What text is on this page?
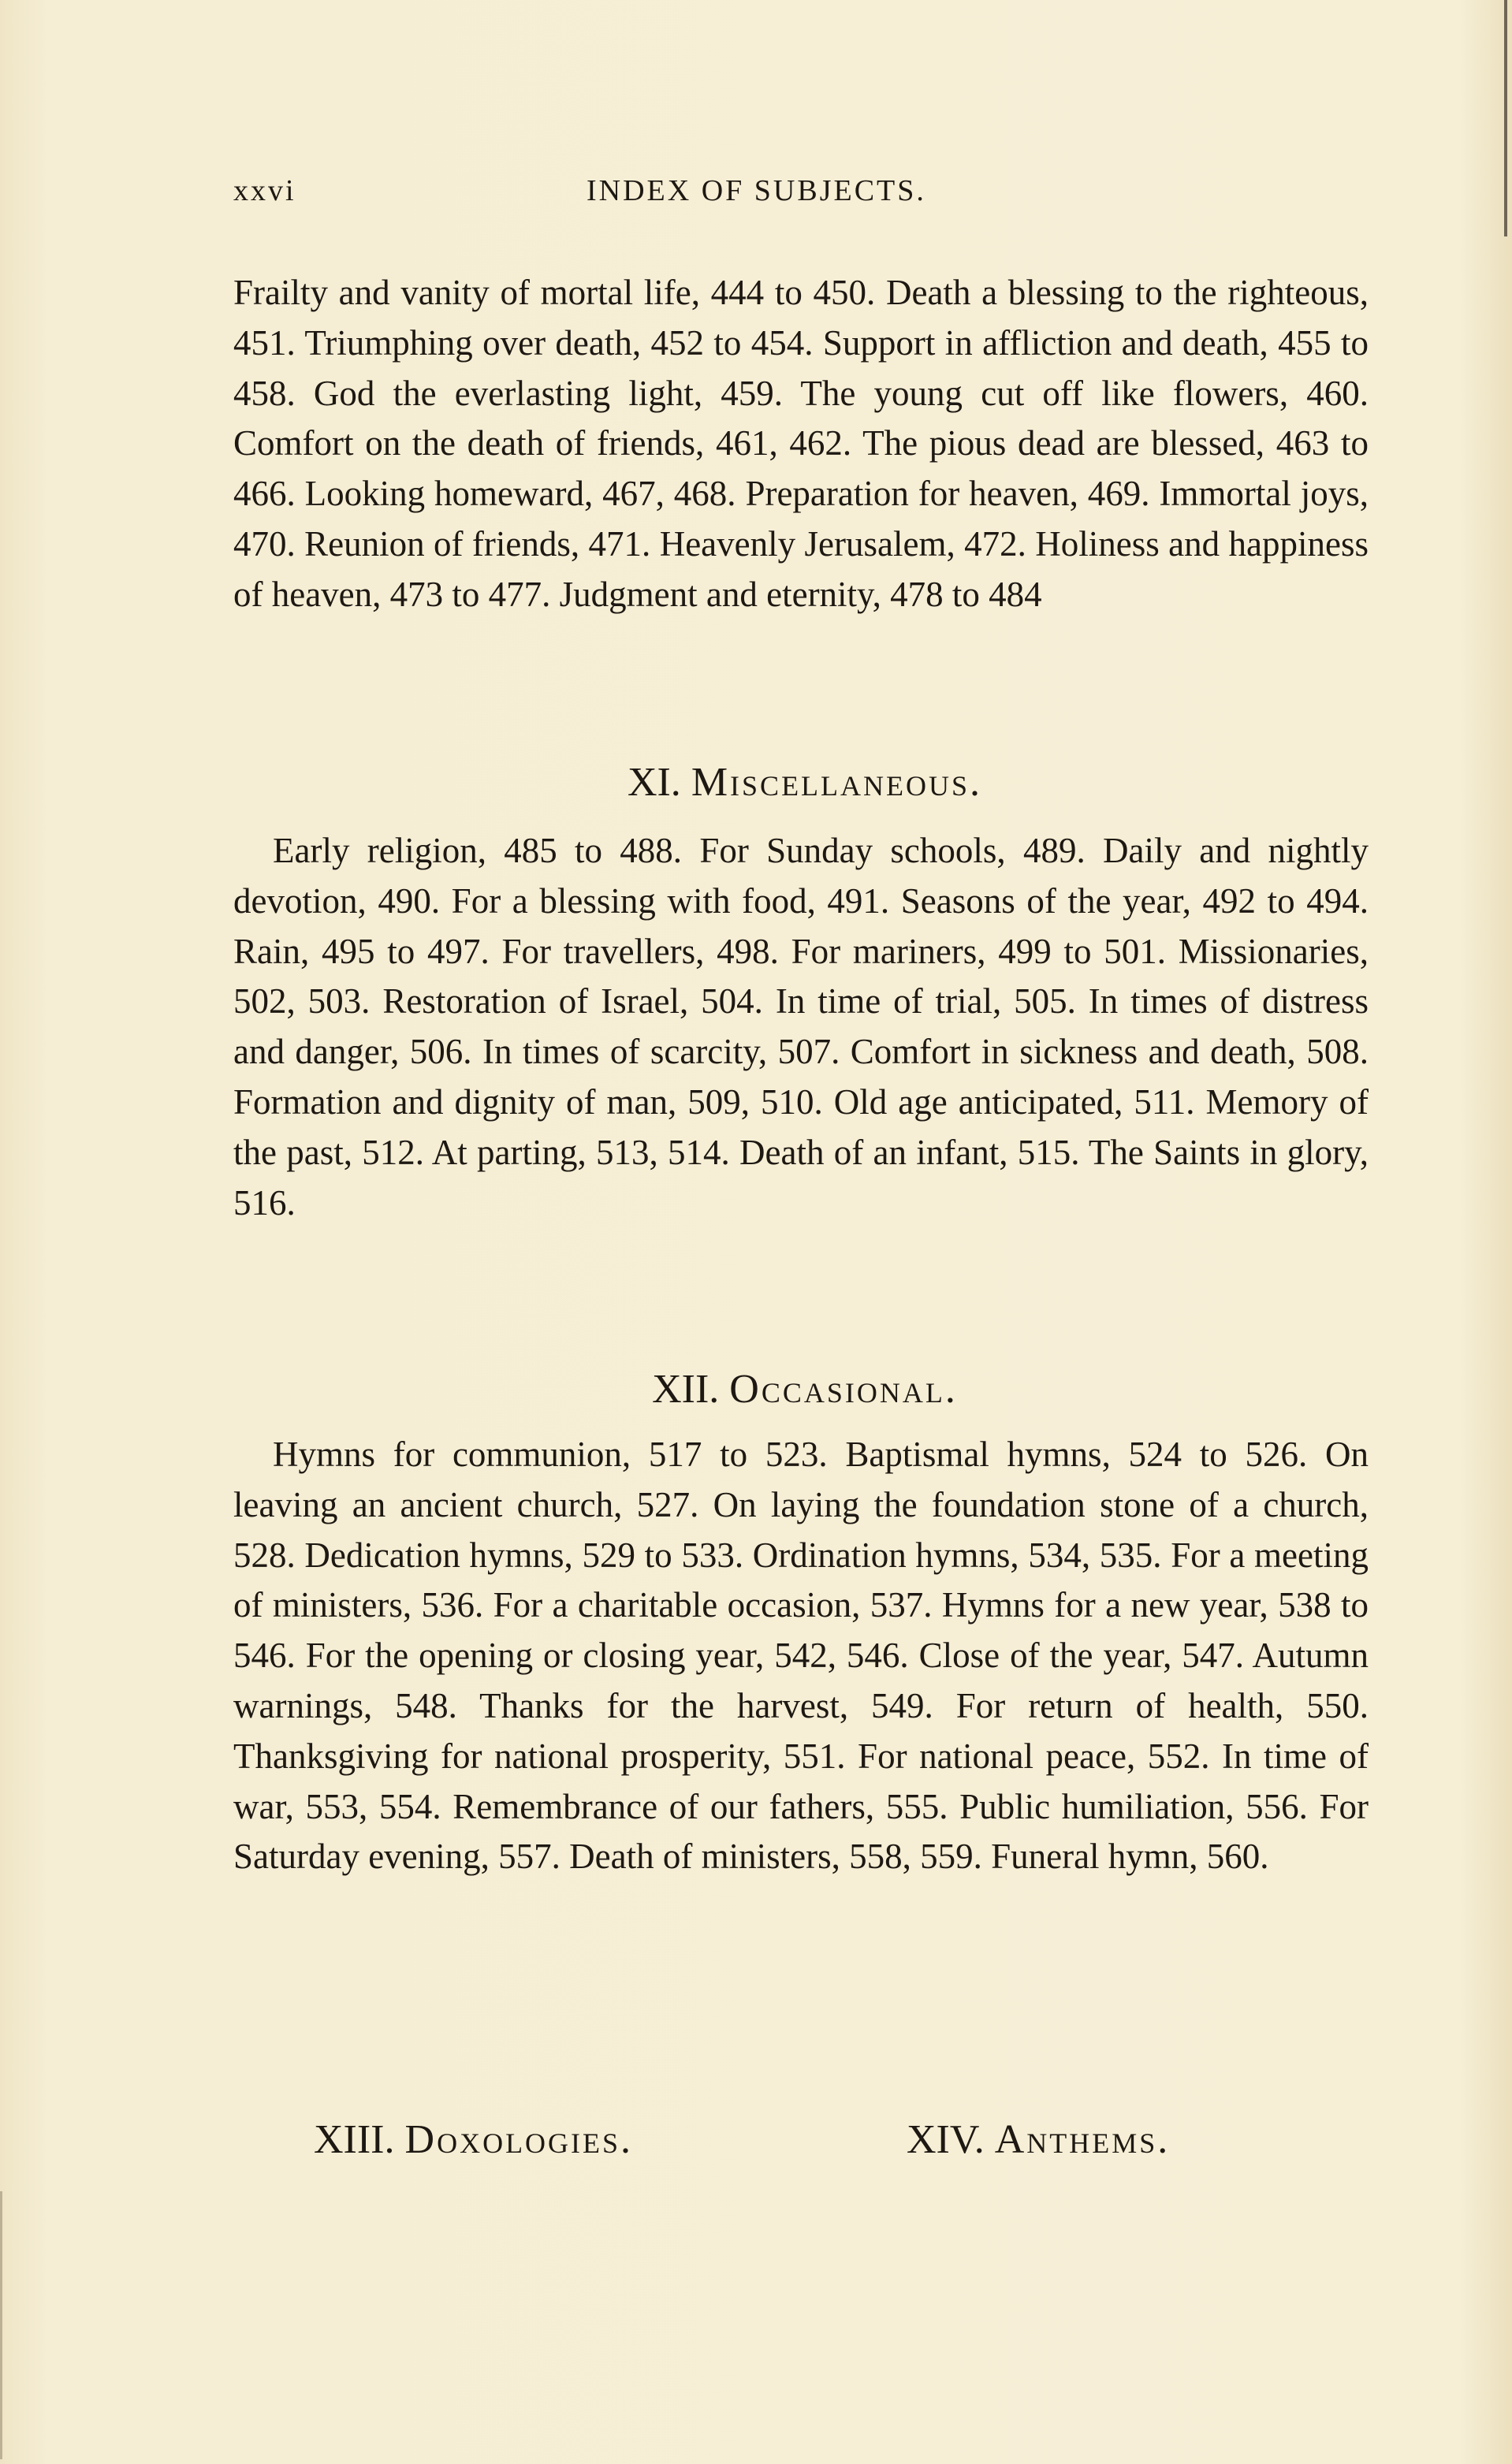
xxvi	INDEX OF SUBJECTS.

Frailty and vanity of mortal life, 444 to 450. Death a blessing to the righteous, 451. Triumphing over death, 452 to 454. Support in affliction and death, 455 to 458. God the everlasting light, 459. The young cut off like flowers, 460. Comfort on the death of friends, 461, 462. The pious dead are blessed, 463 to 466. Looking homeward, 467, 468. Preparation for heaven, 469. Immortal joys, 470. Reunion of friends, 471. Heavenly Jerusalem, 472. Holiness and happiness of heaven, 473 to 477. Judgment and eternity, 478 to 484

XI. Miscellaneous.

Early religion, 485 to 488. For Sunday schools, 489. Daily and nightly devotion, 490. For a blessing with food, 491. Seasons of the year, 492 to 494. Rain, 495 to 497. For travellers, 498. For mariners, 499 to 501. Missionaries, 502, 503. Restoration of Israel, 504. In time of trial, 505. In times of distress and danger, 506. In times of scarcity, 507. Comfort in sickness and death, 508. Formation and dignity of man, 509, 510. Old age anticipated, 511. Memory of the past, 512. At parting, 513, 514. Death of an infant, 515. The Saints in glory, 516.

XII. Occasional.

Hymns for communion, 517 to 523. Baptismal hymns, 524 to 526. On leaving an ancient church, 527. On laying the foundation stone of a church, 528. Dedication hymns, 529 to 533. Ordination hymns, 534, 535. For a meeting of ministers, 536. For a charitable occasion, 537. Hymns for a new year, 538 to 546. For the opening or closing year, 542, 546. Close of the year, 547. Autumn warnings, 548. Thanks for the harvest, 549. For return of health, 550. Thanksgiving for national prosperity, 551. For national peace, 552. In time of war, 553, 554. Remembrance of our fathers, 555. Public humiliation, 556. For Saturday evening, 557. Death of ministers, 558, 559. Funeral hymn, 560.

XIII. Doxologies.	XIV. Anthems.
